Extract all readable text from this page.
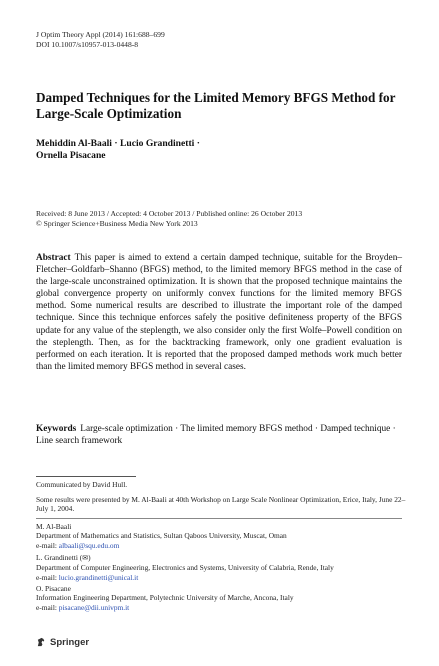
J Optim Theory Appl (2014) 161:688–699
DOI 10.1007/s10957-013-0448-8
Damped Techniques for the Limited Memory BFGS Method for Large-Scale Optimization
Mehiddin Al-Baali · Lucio Grandinetti ·
Ornella Pisacane
Received: 8 June 2013 / Accepted: 4 October 2013 / Published online: 26 October 2013
© Springer Science+Business Media New York 2013
Abstract This paper is aimed to extend a certain damped technique, suitable for the Broyden–Fletcher–Goldfarb–Shanno (BFGS) method, to the limited memory BFGS method in the case of the large-scale unconstrained optimization. It is shown that the proposed technique maintains the global convergence property on uniformly convex functions for the limited memory BFGS method. Some numerical results are described to illustrate the important role of the damped technique. Since this technique enforces safely the positive definiteness property of the BFGS update for any value of the steplength, we also consider only the first Wolfe–Powell condition on the steplength. Then, as for the backtracking framework, only one gradient evaluation is performed on each iteration. It is reported that the proposed damped methods work much better than the limited memory BFGS method in several cases.
Keywords Large-scale optimization · The limited memory BFGS method · Damped technique · Line search framework
Communicated by David Hull.
Some results were presented by M. Al-Baali at 40th Workshop on Large Scale Nonlinear Optimization, Erice, Italy, June 22–July 1, 2004.
M. Al-Baali
Department of Mathematics and Statistics, Sultan Qaboos University, Muscat, Oman
e-mail: albaali@squ.edu.om
L. Grandinetti (✉)
Department of Computer Engineering, Electronics and Systems, University of Calabria, Rende, Italy
e-mail: lucio.grandinetti@unical.it
O. Pisacane
Information Engineering Department, Polytechnic University of Marche, Ancona, Italy
e-mail: pisacane@dii.univpm.it
Springer
